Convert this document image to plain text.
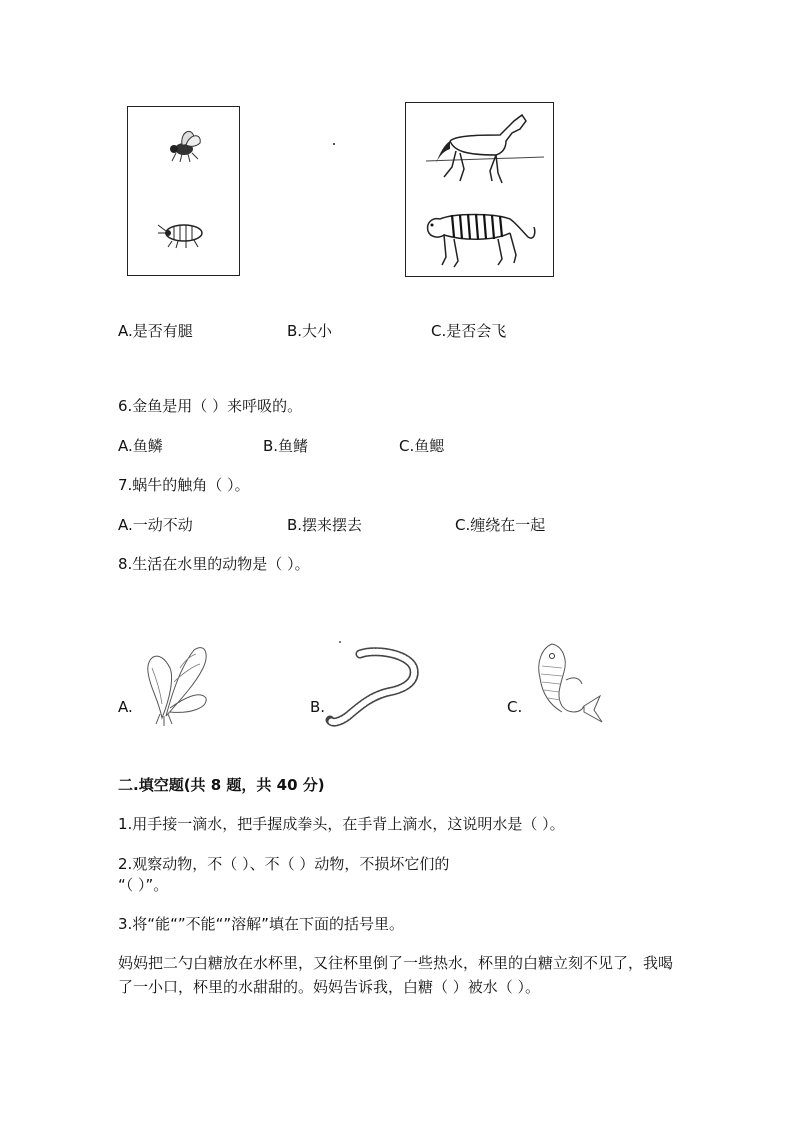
A.是否有腿	B.大小	C.是否会飞
6.金鱼是用（ ）来呼吸的。
A.鱼鳞	B.鱼鳍	C.鱼鳃
7.蜗牛的触角（ ）。
A.一动不动	B.摆来摆去	C.缠绕在一起
8.生活在水里的动物是（ ）。
A.	B.	C.
二.填空题(共 8 题，共 40 分)
1.用手接一滴水，把手握成拳头，在手背上滴水，这说明水是（ ）。
2.观察动物，不（ ）、不（ ）动物，不损坏它们的
“（ ）”。
3.将“能“”不能“”溶解”填在下面的括号里。
妈妈把二勺白糖放在水杯里，又往杯里倒了一些热水，杯里的白糖立刻不见了，我喝了一小口，杯里的水甜甜的。妈妈告诉我，白糖（ ）被水（ ）。
